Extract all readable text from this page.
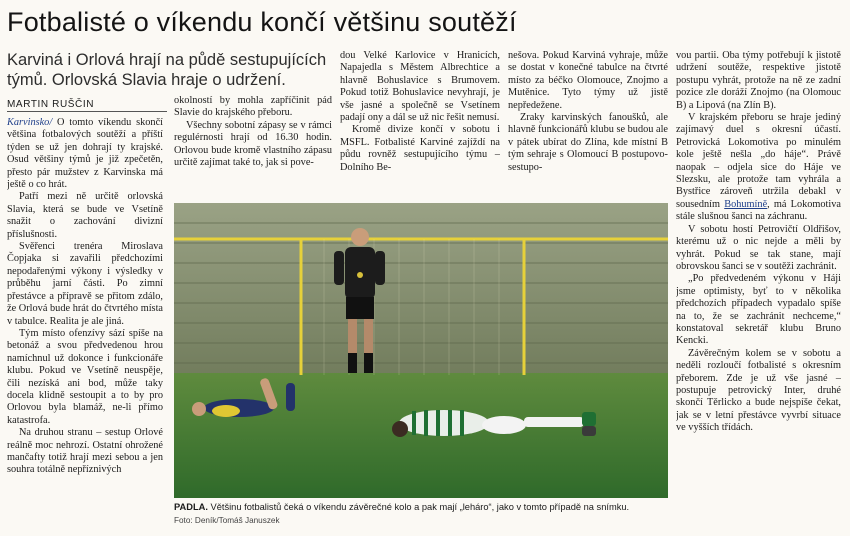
Fotbalisté o víkendu končí většinu soutěží
Karviná i Orlová hrají na půdě sestupujících týmů. Orlovská Slavia hraje o udržení.
MARTIN RUŠČIN

Karvinsko/ O tomto víkendu skončí většina fotbalových soutěží a příští týden se už jen dohrají ty krajské. Osud většiny týmů je již zpečetěn, přesto pár mužstev z Karvinska má ještě o co hrát.

Patří mezi ně určitě orlovská Slavia, která se bude ve Vsetíně snažit o zachování divizní příslušnosti.

Svěřenci trenéra Miroslava Čopjaka si zavařili předchozími nepodařenými výkony i výsledky v průběhu jarní části. Po zimní přestávce a přípravě se přitom zdálo, že Orlová bude hrát do čtvrtého místa v tabulce. Realita je ale jiná.

Tým místo ofenzívy sází spíše na betonáž a svou předvedenou hrou namíchnul už dokonce i funkcionáře klubu. Pokud ve Vsetíně neuspěje, čili nezíská ani bod, může taky docela klidně sestoupit a to by pro Orlovou byla blamáž, ne-li přímo katastrofa.

Na druhou stranu – sestup Orlové reálně moc nehrozí. Ostatní ohrožené mančafty totiž hrají mezi sebou a jen souhra totálně nepříznivých

okolností by mohla zapříčinit pád Slavie do krajského přeboru.

Všechny sobotní zápasy se v rámci regulérnosti hrají od 16.30 hodin. Orlovou bude kromě vlastního zápasu určitě zajímat také to, jak si pove-

dou Velké Karlovice v Hranicích, Napajedla s Městem Albrechtice a hlavně Bohuslavice s Brumovem. Pokud totiž Bohuslavice nevyhrají, je vše jasné a společně se Vsetínem padají ony a dál se už nic řešit nemusí.

Kromě divize končí v sobotu i MSFL. Fotbalisté Karviné zajíždí na půdu rovněž sestupujícího týmu – Dolního Be-

nešova. Pokud Karviná vyhraje, může se dostat v konečné tabulce na čtvrté místo za béčko Olomouce, Znojmo a Mutěnice. Tyto týmy už jistě nepředežene.

Zraky karvinských fanoušků, ale hlavně funkcionářů klubu se budou ale v pátek ubírat do Zlína, kde místní B tým sehraje s Olomoucí B postupovo-sestupo-

vou partii. Oba týmy potřebují k jistotě udržení soutěže, respektive jistotě postupu vyhrát, protože na ně ze zadní pozice zle doráží Znojmo (na Olomouc B) a Lipová (na Zlín B).

V krajském přeboru se hraje jediný zajímavý duel s okresní účastí. Petrovická Lokomotiva po minulém kole ještě nešla „do háje“. Právě naopak – odjela sice do Háje ve Slezsku, ale protože tam vyhrála a Bystřice zároveň utržila debakl v sousedním Bohumíně, má Lokomotiva stále slušnou šanci na záchranu.

V sobotu hostí Petrovičtí Oldřišov, kterému už o nic nejde a měli by vyhrát. Pokud se tak stane, mají obrovskou šanci se v soutěži zachránit.

„Po předvedeném výkonu v Háji jsme optimisty, byť to v několika předchozích případech vypadalo spíše na to, že se zachránit nechceme,“ konstatoval sekretář klubu Bruno Kencki.

Závěrečným kolem se v sobotu a neděli rozloučí fotbalisté s okresním přeborem. Zde je už vše jasné – postupuje petrovický Inter, druhé skončí Těrlicko a bude nejspíše čekat, jak se v letní přestávce vyvrbí situace ve vyšších třídách.

PADLA. Většinu fotbalistů čeká o víkendu závěrečné kolo a pak mají „leháro“, jako v tomto případě na snímku.
Foto: Deník/Tomáš Januszek
